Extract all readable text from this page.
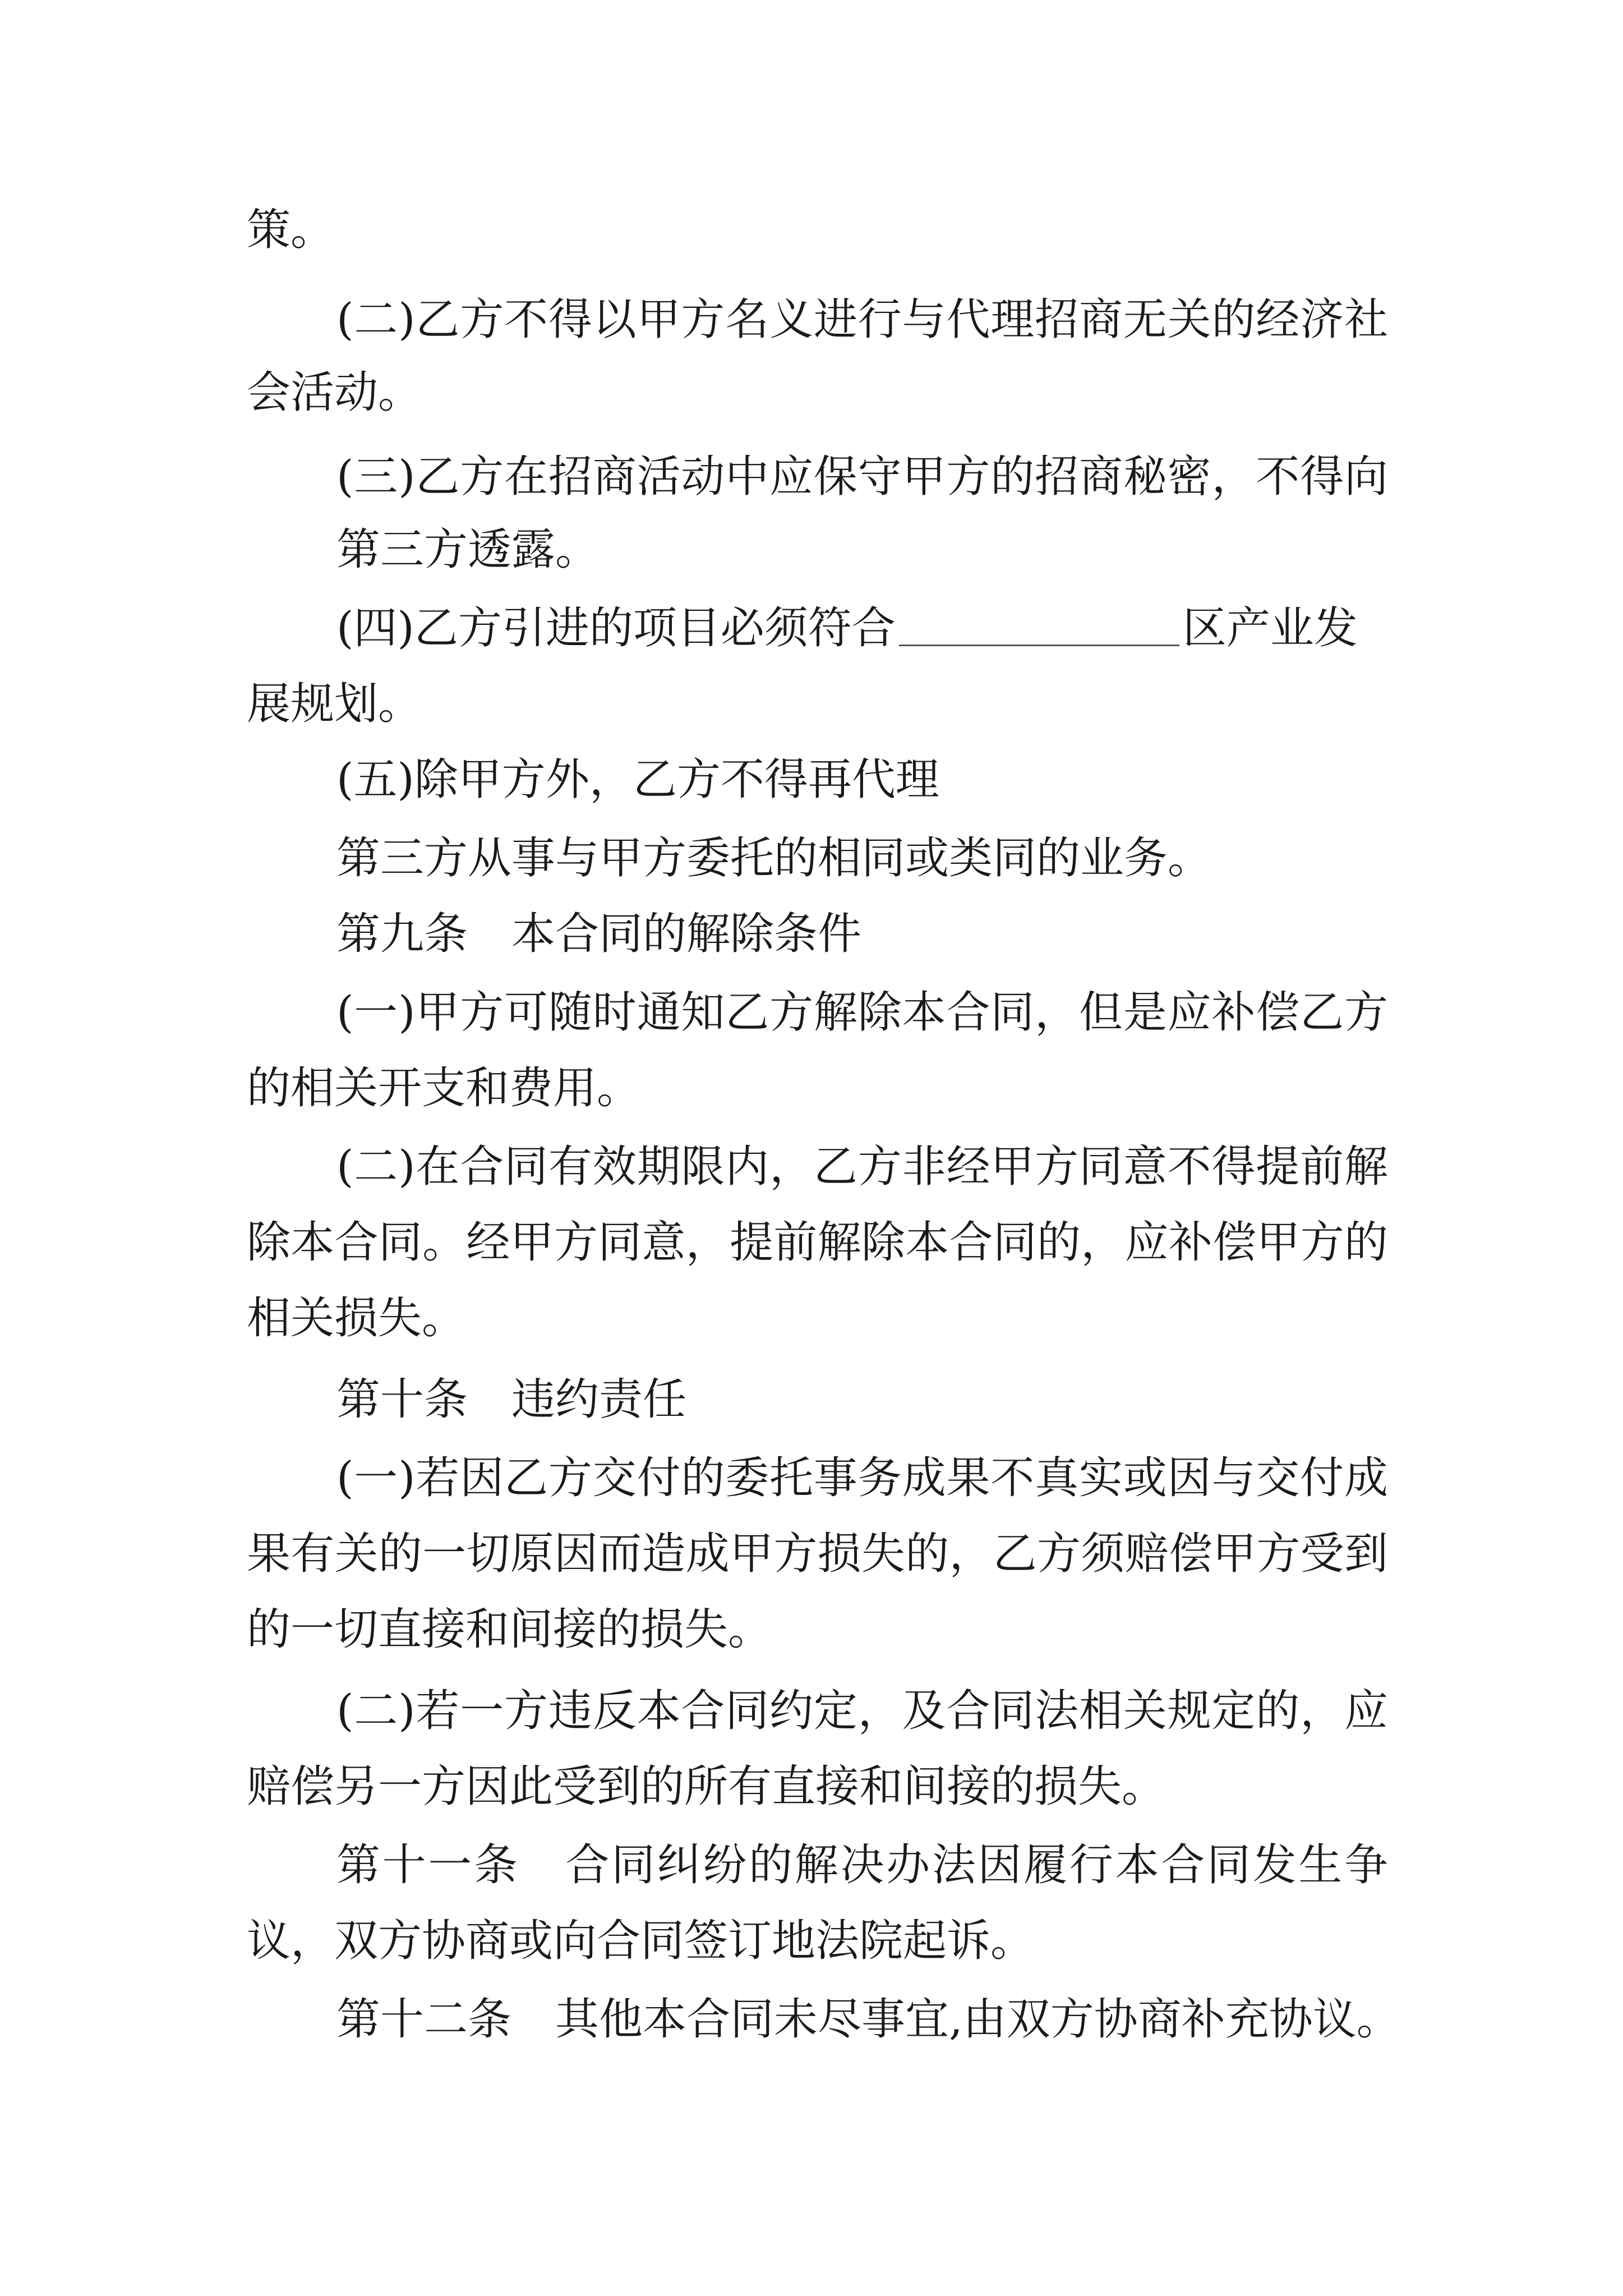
策。
(二)乙方不得以甲方名义进行与代理招商无关的经济社
会活动。
(三)乙方在招商活动中应保守甲方的招商秘密，不得向
第三方透露。
(四)乙方引进的项目必须符合	区产业发
展规划。
(五)除甲方外，乙方不得再代理
第三方从事与甲方委托的相同或类同的业务。
第九条　本合同的解除条件
(一)甲方可随时通知乙方解除本合同，但是应补偿乙方
的相关开支和费用。
(二)在合同有效期限内，乙方非经甲方同意不得提前解
除本合同。经甲方同意，提前解除本合同的，应补偿甲方的
相关损失。
第十条　违约责任
(一)若因乙方交付的委托事务成果不真实或因与交付成
果有关的一切原因而造成甲方损失的，乙方须赔偿甲方受到
的一切直接和间接的损失。
(二)若一方违反本合同约定，及合同法相关规定的，应
赔偿另一方因此受到的所有直接和间接的损失。
第十一条　合同纠纷的解决办法因履行本合同发生争
议，双方协商或向合同签订地法院起诉。
第十二条　其他本合同未尽事宜,由双方协商补充协议。
